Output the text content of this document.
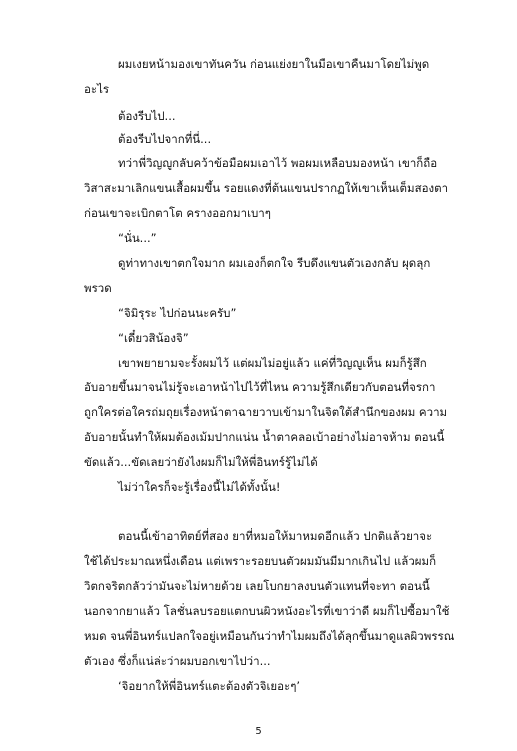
ผมเงยหน้ามองเขาทันควัน ก่อนแย่งยาในมือเขาคืนมาโดยไม่พูด
อะไร
ต้องรีบไป...
ต้องรีบไปจากที่นี่...
ทว่าพี่วิญญูกลับคว้าข้อมือผมเอาไว้ พอผมเหลือบมองหน้า เขาก็ถือ
วิสาสะมาเลิกแขนเสื้อผมขึ้น รอยแดงที่ต้นแขนปรากฏให้เขาเห็นเต็มสองตา
ก่อนเขาจะเบิกตาโต ครางออกมาเบาๆ
“นั่น...”
ดูท่าทางเขาตกใจมาก ผมเองก็ตกใจ รีบดึงแขนตัวเองกลับ ผุดลุก
พรวด
“จิมิรุระ ไปก่อนนะครับ”
“เดี๋ยวสิน้องจิ”
เขาพยายามจะรั้งผมไว้ แต่ผมไม่อยู่แล้ว แค่ที่วิญญูเห็น ผมก็รู้สึก
อับอายขึ้นมาจนไม่รู้จะเอาหน้าไปไว้ที่ไหน ความรู้สึกเดียวกับตอนที่จรกา
ถูกใครต่อใครถ่มถุยเรื่องหน้าตาฉายวาบเข้ามาในจิตใต้สำนึกของผม ความ
อับอายนั้นทำให้ผมต้องเม้มปากแน่น น้ำตาคลอเบ้าอย่างไม่อาจห้าม ตอนนี้
ขัดแล้ว...ขัดเลยว่ายังไงผมก็ไม่ให้พี่อินทร์รู้ไม่ได้
ไม่ว่าใครก็จะรู้เรื่องนี้ไม่ได้ทั้งนั้น!
ตอนนี้เข้าอาทิตย์ที่สอง ยาที่หมอให้มาหมดอีกแล้ว ปกติแล้วยาจะ
ใช้ได้ประมาณหนึ่งเดือน แต่เพราะรอยบนตัวผมมันมีมากเกินไป แล้วผมก็
วิตกจริตกลัวว่ามันจะไม่หายด้วย เลยโบกยาลงบนตัวแทนที่จะทา ตอนนี้
นอกจากยาแล้ว โลชั่นลบรอยแตกบนผิวหนังอะไรที่เขาว่าดี ผมก็ไปซื้อมาใช้
หมด จนพี่อินทร์แปลกใจอยู่เหมือนกันว่าทำไมผมถึงได้ลุกขึ้นมาดูแลผิวพรรณ
ตัวเอง ซึ่งก็แน่ล่ะว่าผมบอกเขาไปว่า...
‘จิอยากให้พี่อินทร์แตะต้องตัวจิเยอะๆ’
5
